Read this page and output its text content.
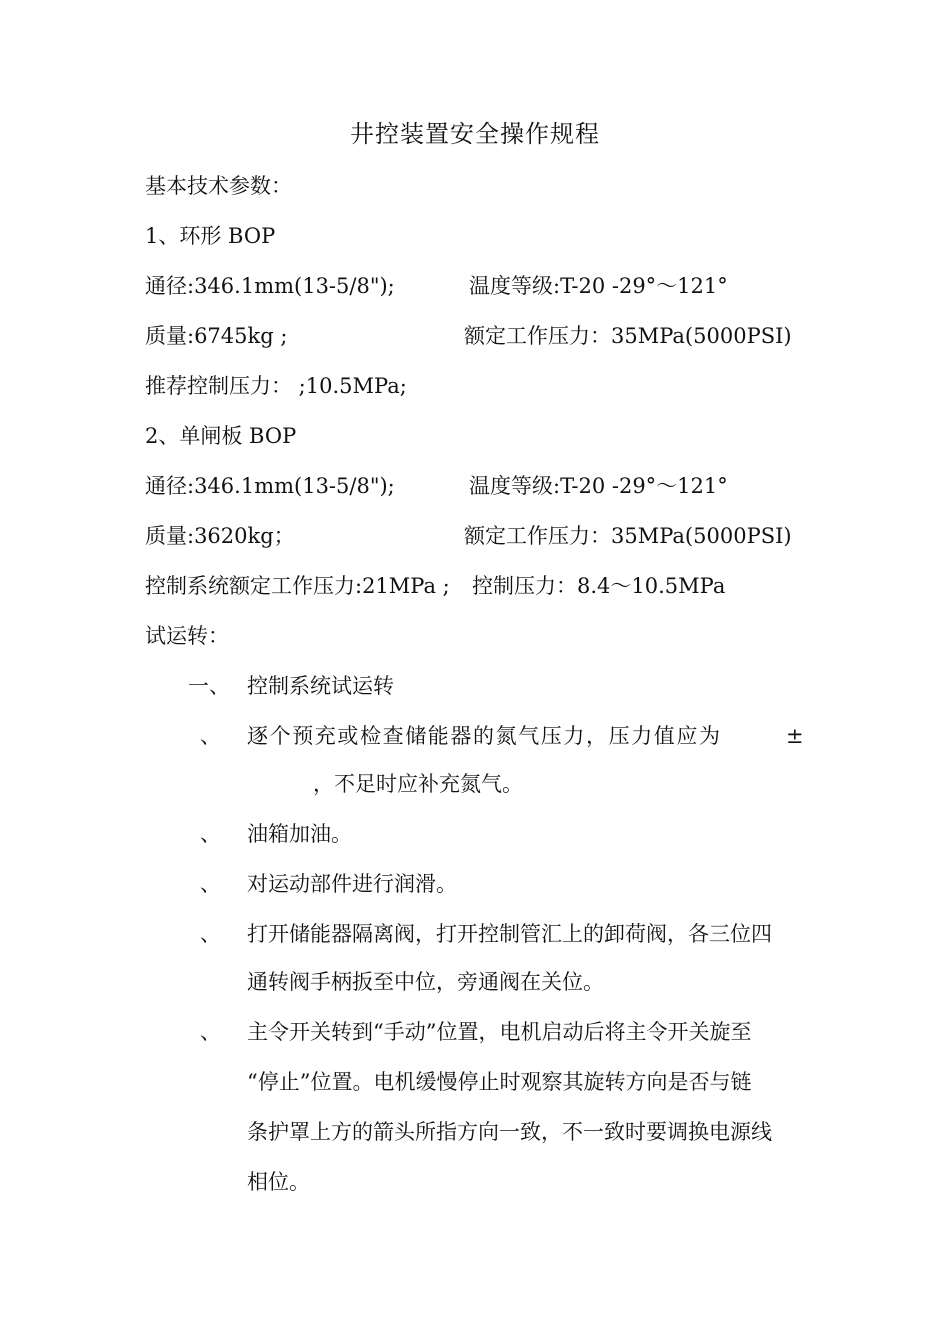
井控装置安全操作规程
基本技术参数：
1、环形 BOP
通径:346.1mm(13-5/8");	温度等级:T-20 -29°～121°
质量:6745kg ;	额定工作压力：35MPa(5000PSI)
推荐控制压力： ;10.5MPa;
2、单闸板 BOP
通径:346.1mm(13-5/8");	温度等级:T-20 -29°～121°
质量:3620kg；	额定工作压力：35MPa(5000PSI)
控制系统额定工作压力:21MPa ; 控制压力：8.4～10.5MPa
试运转：
一、 控制系统试运转
、 逐个预充或检查储能器的氮气压力，压力值应为	±
，不足时应补充氮气。
、 油箱加油。
、 对运动部件进行润滑。
、 打开储能器隔离阀，打开控制管汇上的卸荷阀，各三位四
通转阀手柄扳至中位，旁通阀在关位。
、 主令开关转到“手动”位置，电机启动后将主令开关旋至
“停止”位置。电机缓慢停止时观察其旋转方向是否与链
条护罩上方的箭头所指方向一致，不一致时要调换电源线
相位。
